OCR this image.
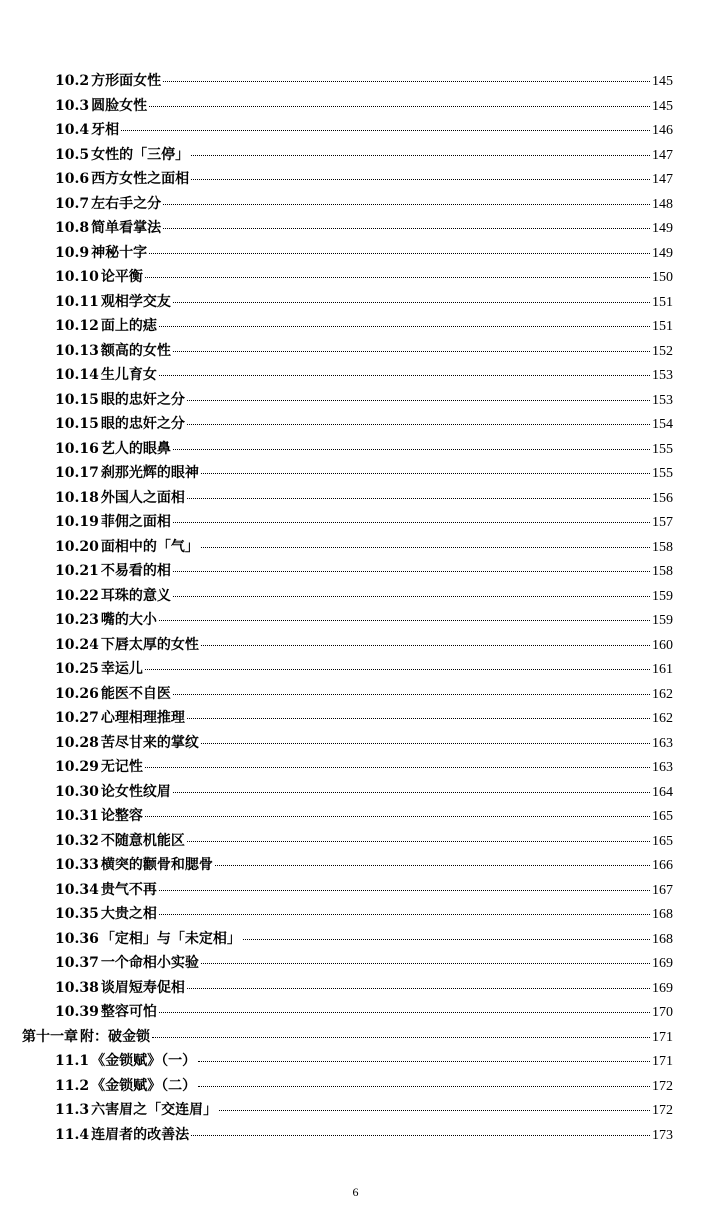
10.2 方形面女性	145
10.3 圆脸女性	145
10.4 牙相	146
10.5 女性的「三停」	147
10.6 西方女性之面相	147
10.7 左右手之分	148
10.8 简单看掌法	149
10.9 神秘十字	149
10.10 论平衡	150
10.11 观相学交友	151
10.12 面上的痣	151
10.13 额高的女性	152
10.14 生儿育女	153
10.15 眼的忠奸之分	153
10.15 眼的忠奸之分	154
10.16 艺人的眼鼻	155
10.17 刹那光辉的眼神	155
10.18 外国人之面相	156
10.19 菲佣之面相	157
10.20 面相中的「气」	158
10.21 不易看的相	158
10.22 耳珠的意义	159
10.23 嘴的大小	159
10.24 下唇太厚的女性	160
10.25 幸运儿	161
10.26 能医不自医	162
10.27 心理相理推理	162
10.28 苦尽甘来的掌纹	163
10.29 无记性	163
10.30 论女性纹眉	164
10.31 论整容	165
10.32 不随意机能区	165
10.33 横突的颧骨和腮骨	166
10.34 贵气不再	167
10.35 大贵之相	168
10.36 「定相」与「未定相」	168
10.37 一个命相小实验	169
10.38 谈眉短寿促相	169
10.39 整容可怕	170
第十一章 附：破金锁	171
11.1 《金锁赋》（一）	171
11.2 《金锁赋》（二）	172
11.3 六害眉之「交连眉」	172
11.4 连眉者的改善法	173
6
